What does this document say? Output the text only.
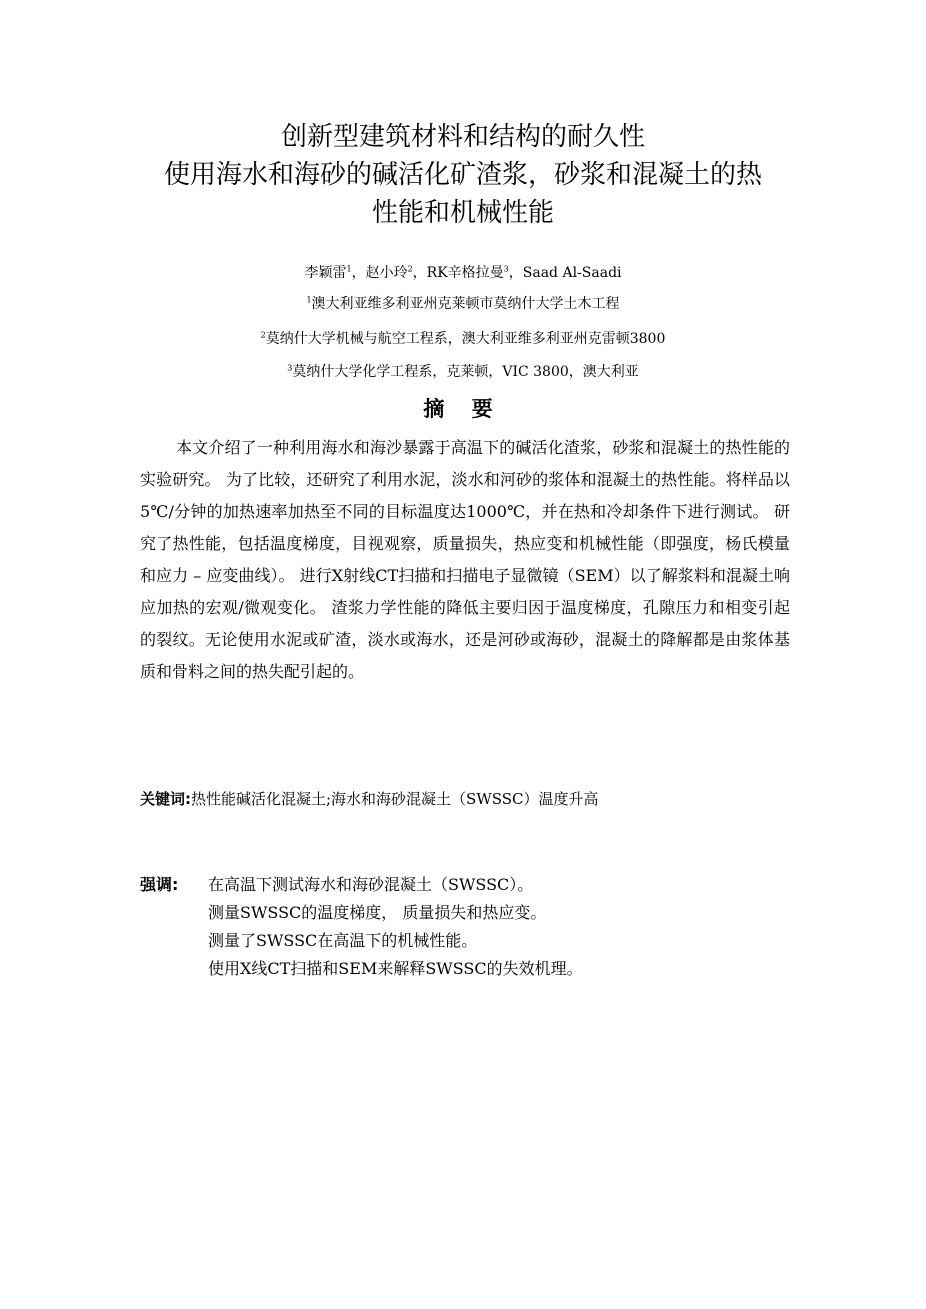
创新型建筑材料和结构的耐久性
使用海水和海砂的碱活化矿渣浆，砂浆和混凝土的热
性能和机械性能
李颖雷$^1$，赵小玲$^2$，RK辛格拉曼$^3$，Saad Al-Saadi
$^1$澳大利亚维多利亚州克莱顿市莫纳什大学土木工程
$^2$莫纳什大学机械与航空工程系，澳大利亚维多利亚州克雷顿3800
$^3$莫纳什大学化学工程系，克莱顿，VIC 3800，澳大利亚
摘 要
本文介绍了一种利用海水和海沙暴露于高温下的碱活化渣浆，砂浆和混凝土的热性能的实验研究。 为了比较，还研究了利用水泥，淡水和河砂的浆体和混凝土的热性能。将样品以5℃/分钟的加热速率加热至不同的目标温度达1000℃，并在热和冷却条件下进行测试。 研究了热性能，包括温度梯度，目视观察，质量损失，热应变和机械性能（即强度，杨氏模量和应力 – 应变曲线）。 进行X射线CT扫描和扫描电子显微镜（SEM）以了解浆料和混凝土响应加热的宏观/微观变化。 渣浆力学性能的降低主要归因于温度梯度，孔隙压力和相变引起的裂纹。无论使用水泥或矿渣，淡水或海水，还是河砂或海砂，混凝土的降解都是由浆体基质和骨料之间的热失配引起的。
关键词:热性能碱活化混凝土;海水和海砂混凝土（SWSSC）温度升高
强调: 在高温下测试海水和海砂混凝土（SWSSC）。
测量SWSSC的温度梯度， 质量损失和热应变。
测量了SWSSC在高温下的机械性能。
使用X线CT扫描和SEM来解释SWSSC的失效机理。
